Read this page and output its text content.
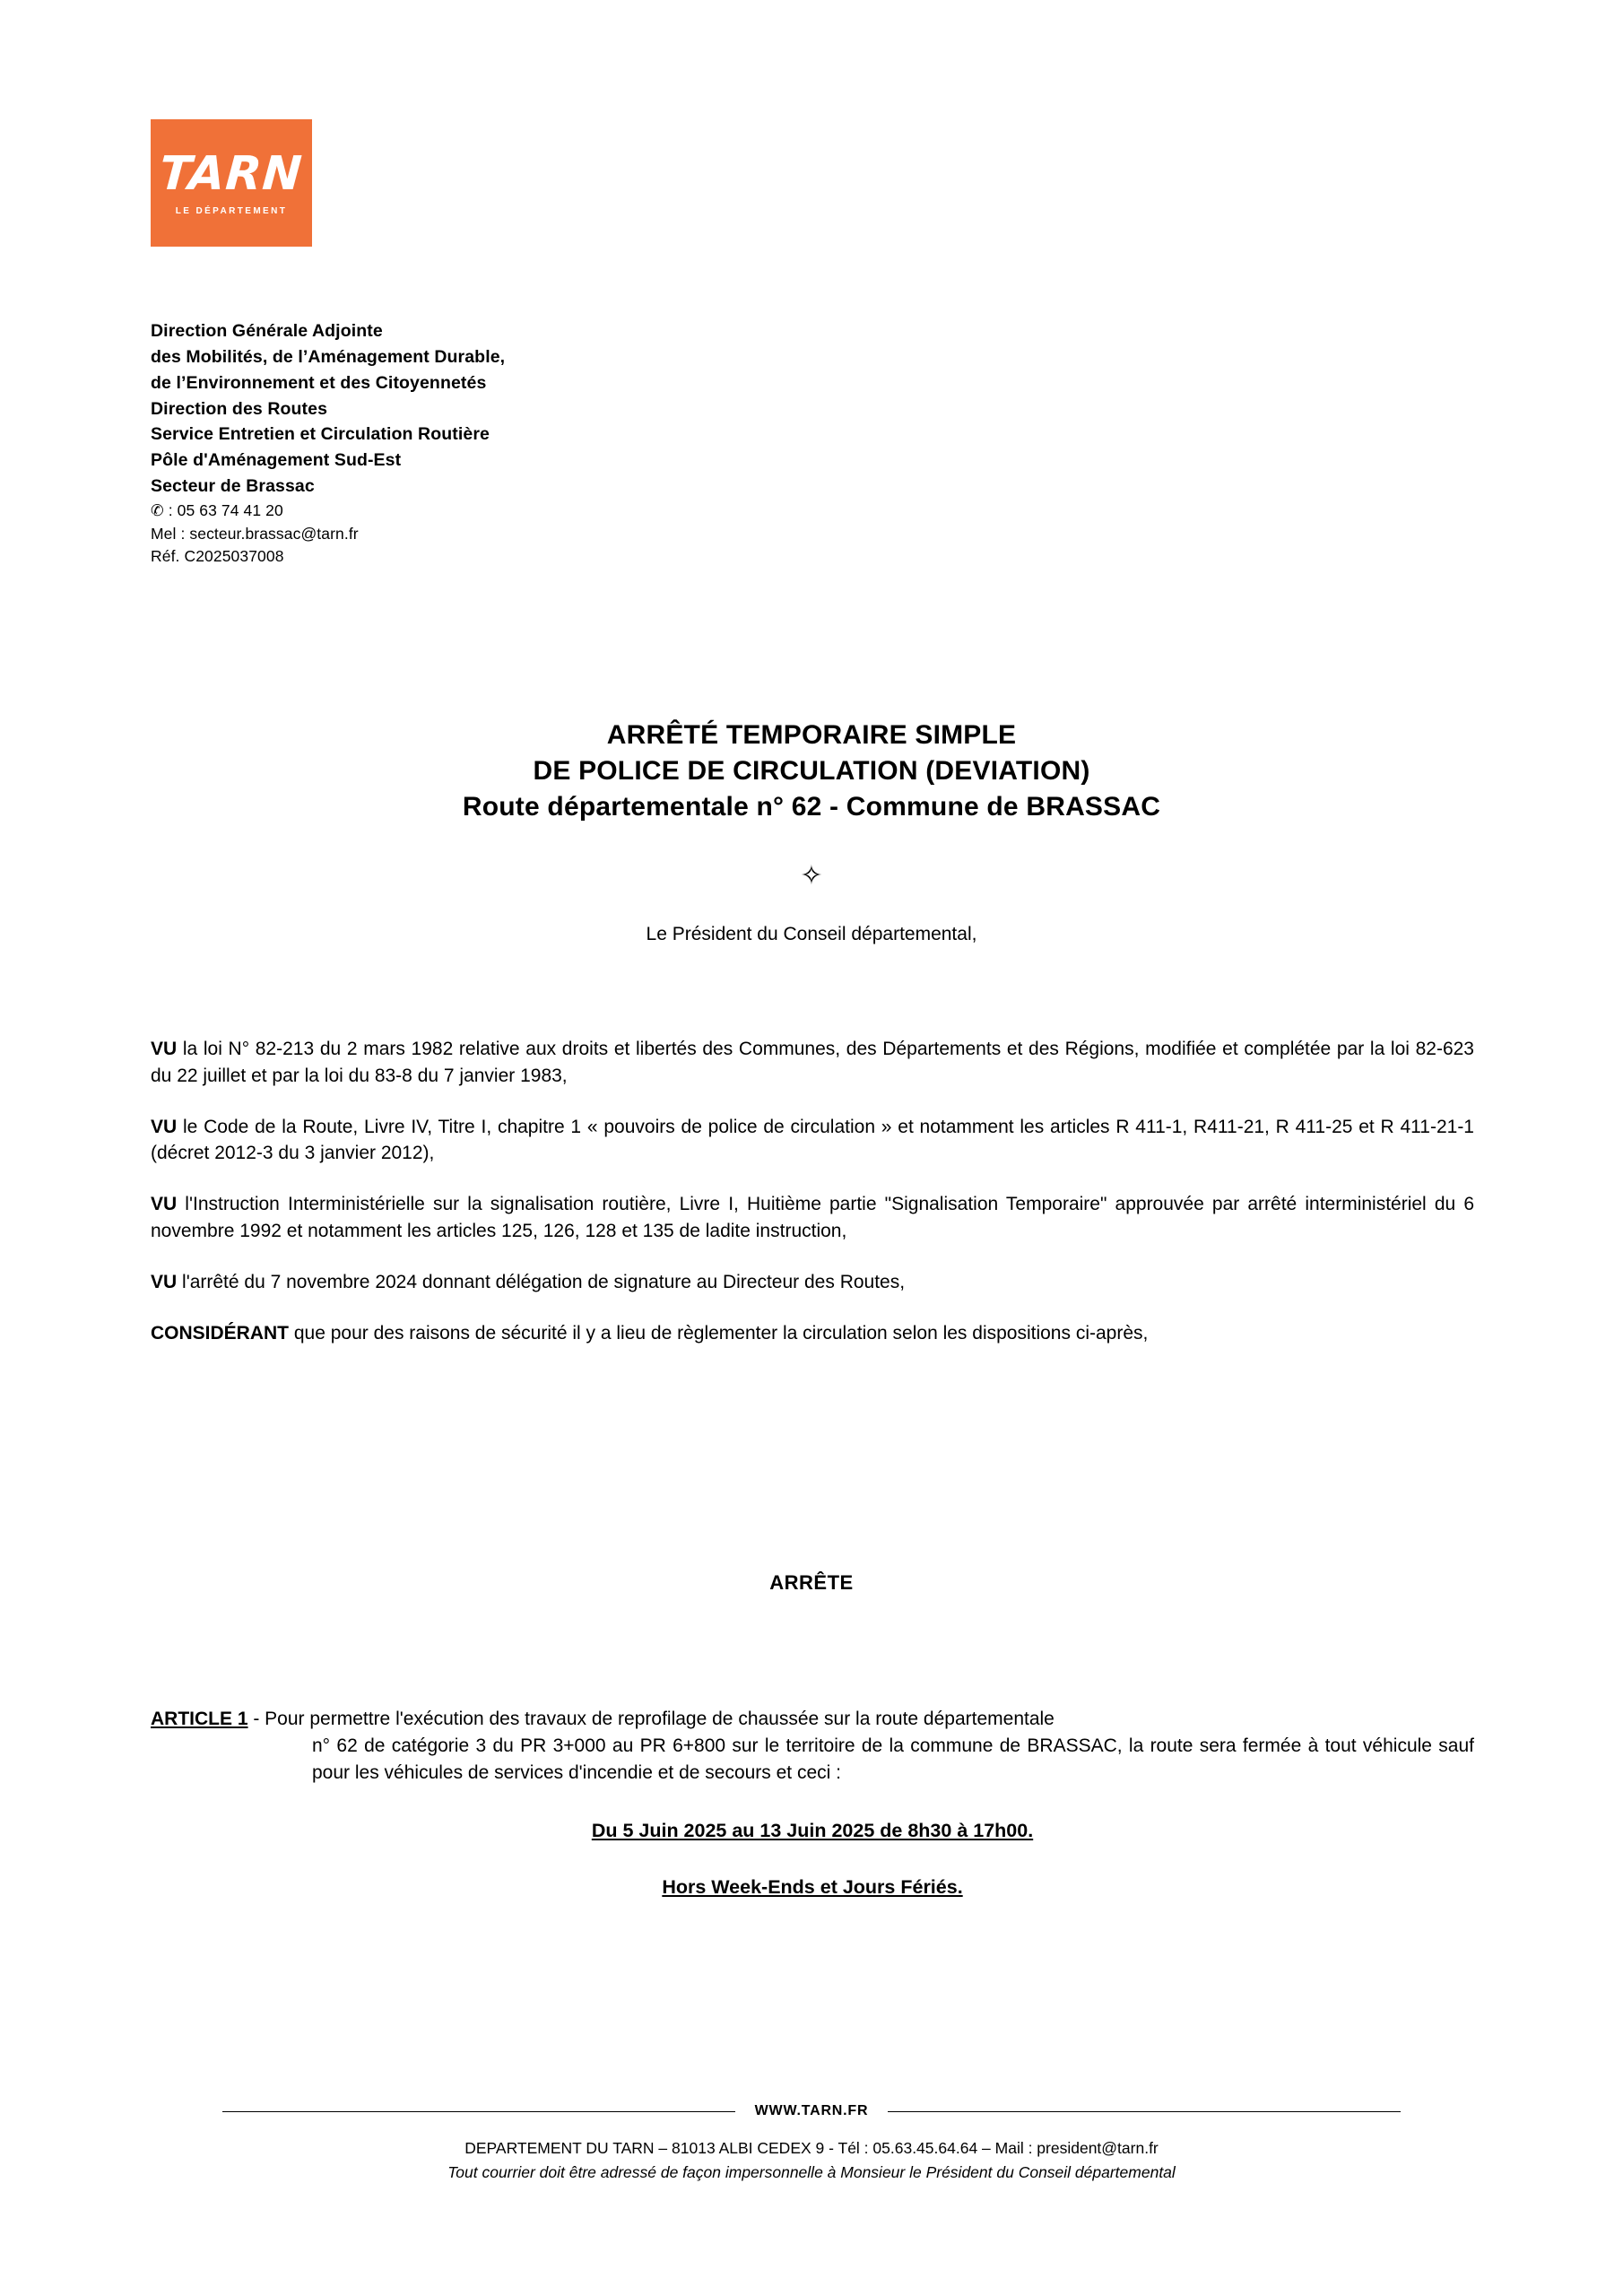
TARN
LE DÉPARTEMENT
Direction Générale Adjointe
des Mobilités, de l’Aménagement Durable,
de l’Environnement et des Citoyennetés
Direction des Routes
Service Entretien et Circulation Routière
Pôle d'Aménagement Sud-Est
Secteur de Brassac
✆ : 05 63 74 41 20
Mel : secteur.brassac@tarn.fr
Réf. C2025037008
ARRÊTÉ TEMPORAIRE SIMPLE
DE POLICE DE CIRCULATION (DEVIATION)
Route départementale n° 62 - Commune de BRASSAC
✧
Le Président du Conseil départemental,
VU la loi N° 82-213 du 2 mars 1982 relative aux droits et libertés des Communes, des Départements et des Régions, modifiée et complétée par la loi 82-623 du 22 juillet et par la loi du 83-8 du 7 janvier 1983,
VU le Code de la Route, Livre IV, Titre I, chapitre 1 « pouvoirs de police de circulation » et notamment les articles R 411-1, R411-21, R 411-25 et R 411-21-1 (décret 2012-3 du 3 janvier 2012),
VU l'Instruction Interministérielle sur la signalisation routière, Livre I, Huitième partie "Signalisation Temporaire" approuvée par arrêté interministériel du 6 novembre 1992 et notamment les articles 125, 126, 128 et 135 de ladite instruction,
VU l'arrêté du 7 novembre 2024 donnant délégation de signature au Directeur des Routes,
CONSIDÉRANT que pour des raisons de sécurité il y a lieu de règlementer la circulation selon les dispositions ci-après,
ARRÊTE
ARTICLE 1 - Pour permettre l'exécution des travaux de reprofilage de chaussée sur la route départementale
n° 62 de catégorie 3 du PR 3+000 au PR 6+800 sur le territoire de la commune de BRASSAC, la route sera fermée à tout véhicule sauf pour les véhicules de services d'incendie et de secours et ceci :
Du 5 Juin 2025 au 13 Juin 2025 de 8h30 à 17h00.
Hors Week-Ends et Jours Fériés.
WWW.TARN.FR
DEPARTEMENT DU TARN – 81013 ALBI CEDEX 9 - Tél : 05.63.45.64.64 – Mail : president@tarn.fr
Tout courrier doit être adressé de façon impersonnelle à Monsieur le Président du Conseil départemental
